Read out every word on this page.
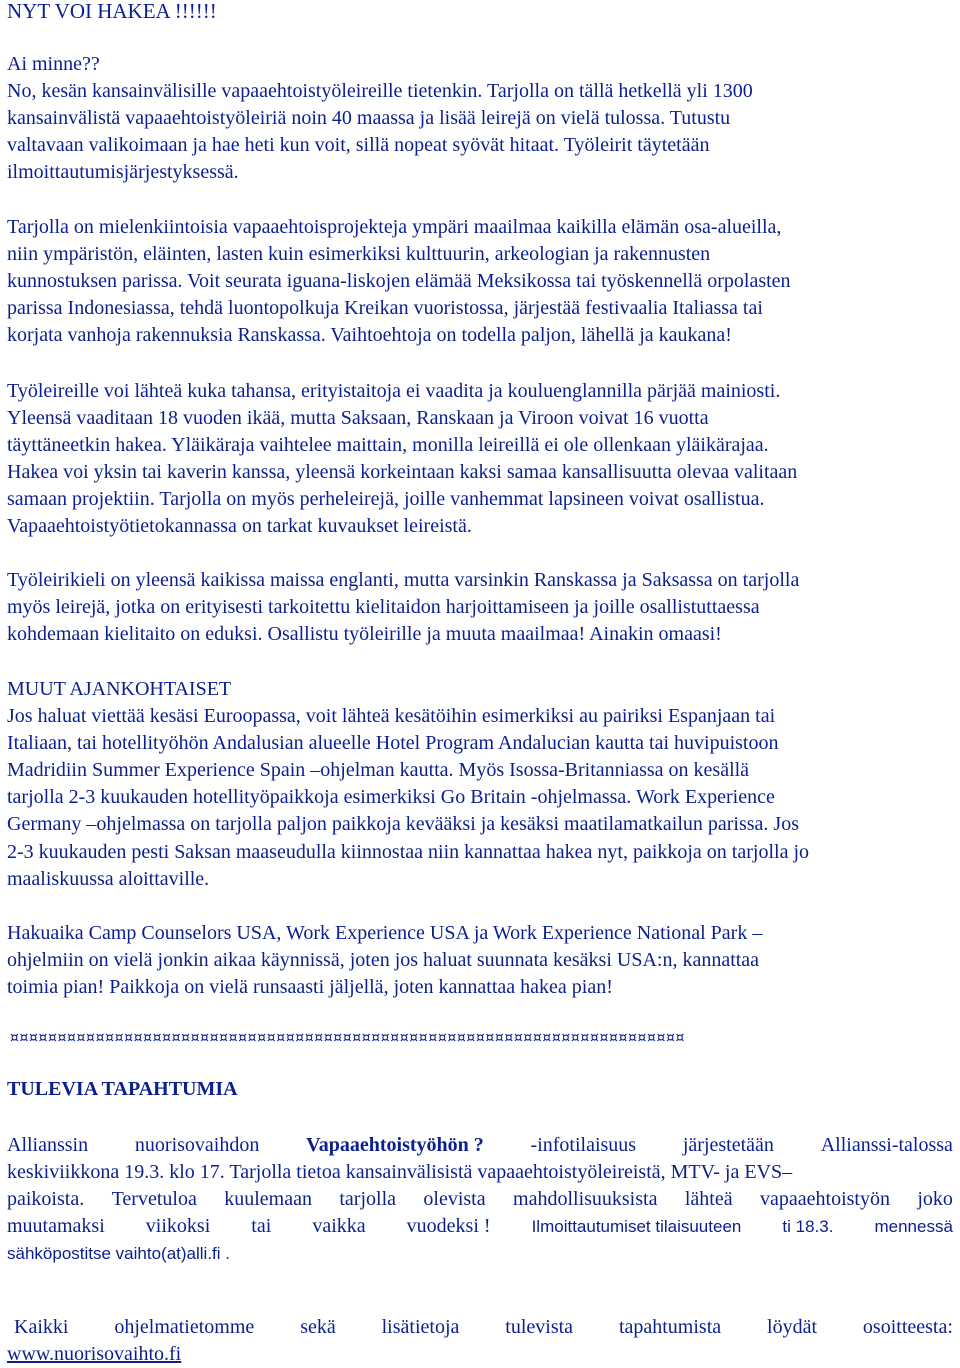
NYT VOI HAKEA !!!!!!
Ai minne??
No, kesän kansainvälisille vapaaehtoistyöleireille tietenkin. Tarjolla on tällä hetkellä yli 1300
kansainvälistä vapaaehtoistyöleiriä noin 40 maassa ja lisää leirejä on vielä tulossa. Tutustu
valtavaan valikoimaan ja hae heti kun voit, sillä nopeat syövät hitaat. Työleirit täytetään
ilmoittautumisjärjestyksessä.
Tarjolla on mielenkiintoisia vapaaehtoisprojekteja ympäri maailmaa kaikilla elämän osa-alueilla,
niin ympäristön, eläinten, lasten kuin esimerkiksi kulttuurin, arkeologian ja rakennusten
kunnostuksen parissa. Voit seurata iguana-liskojen elämää Meksikossa tai työskennellä orpolasten
parissa Indonesiassa, tehdä luontopolkuja Kreikan vuoristossa, järjestää festivaalia Italiassa tai
korjata vanhoja rakennuksia Ranskassa. Vaihtoehtoja on todella paljon, lähellä ja kaukana!
Työleireille voi lähteä kuka tahansa, erityistaitoja ei vaadita ja kouluenglannilla pärjää mainiosti.
Yleensä vaaditaan 18 vuoden ikää, mutta Saksaan, Ranskaan ja Viroon voivat 16 vuotta
täyttäneetkin hakea. Yläikäraja vaihtelee maittain, monilla leireillä ei ole ollenkaan yläikärajaa.
Hakea voi yksin tai kaverin kanssa, yleensä korkeintaan kaksi samaa kansallisuutta olevaa valitaan
samaan projektiin. Tarjolla on myös perheleirejä, joille vanhemmat lapsineen voivat osallistua.
Vapaaehtoistyötietokannassa on tarkat kuvaukset leireistä.
Työleirikieli on yleensä kaikissa maissa englanti, mutta varsinkin Ranskassa ja Saksassa on tarjolla
myös leirejä, jotka on erityisesti tarkoitettu kielitaidon harjoittamiseen ja joille osallistuttaessa
kohdemaan kielitaito on eduksi. Osallistu työleirille ja muuta maailmaa! Ainakin omaasi!
MUUT AJANKOHTAISET
Jos haluat viettää kesäsi Euroopassa, voit lähteä kesätöihin esimerkiksi au pairiksi Espanjaan tai
Italiaan, tai hotellityöhön Andalusian alueelle Hotel Program Andalucian kautta tai huvipuistoon
Madridiin Summer Experience Spain –ohjelman kautta. Myös Isossa-Britanniassa on kesällä
tarjolla 2-3 kuukauden hotellityöpaikkoja esimerkiksi Go Britain -ohjelmassa. Work Experience
Germany –ohjelmassa on tarjolla paljon paikkoja kevääksi ja kesäksi maatilamatkailun parissa. Jos
2-3 kuukauden pesti Saksan maaseudulla kiinnostaa niin kannattaa hakea nyt, paikkoja on tarjolla jo
maaliskuussa aloittaville.
Hakuaika Camp Counselors USA, Work Experience USA ja Work Experience National Park –
ohjelmiin on vielä jonkin aikaa käynnissä, joten jos haluat suunnata kesäksi USA:n, kannattaa
toimia pian! Paikkoja on vielä runsaasti jäljellä, joten kannattaa hakea pian!
¤¤¤¤¤¤¤¤¤¤¤¤¤¤¤¤¤¤¤¤¤¤¤¤¤¤¤¤¤¤¤¤¤¤¤¤¤¤¤¤¤¤¤¤¤¤¤¤¤¤¤¤¤¤¤¤¤¤¤¤¤¤¤¤¤¤¤¤¤¤¤
TULEVIA TAPAHTUMIA
Allianssin nuorisovaihdon Vapaaehtoistyöhön ? -infotilaisuus järjestetään Allianssi-talossa
keskiviikkona 19.3. klo 17. Tarjolla tietoa kansainvälisistä vapaaehtoistyöleireistä, MTV- ja EVS–
paikoista. Tervetuloa kuulemaan tarjolla olevista mahdollisuuksista lähteä vapaaehtoistyön joko
muutamaksi viikoksi tai vaikka vuodeksi ! Ilmoittautumiset tilaisuuteen ti 18.3. mennessä
sähköpostitse vaihto(at)alli.fi .
Kaikki ohjelmatietomme sekä lisätietoja tulevista tapahtumista löydät osoitteesta:
www.nuorisovaihto.fi
